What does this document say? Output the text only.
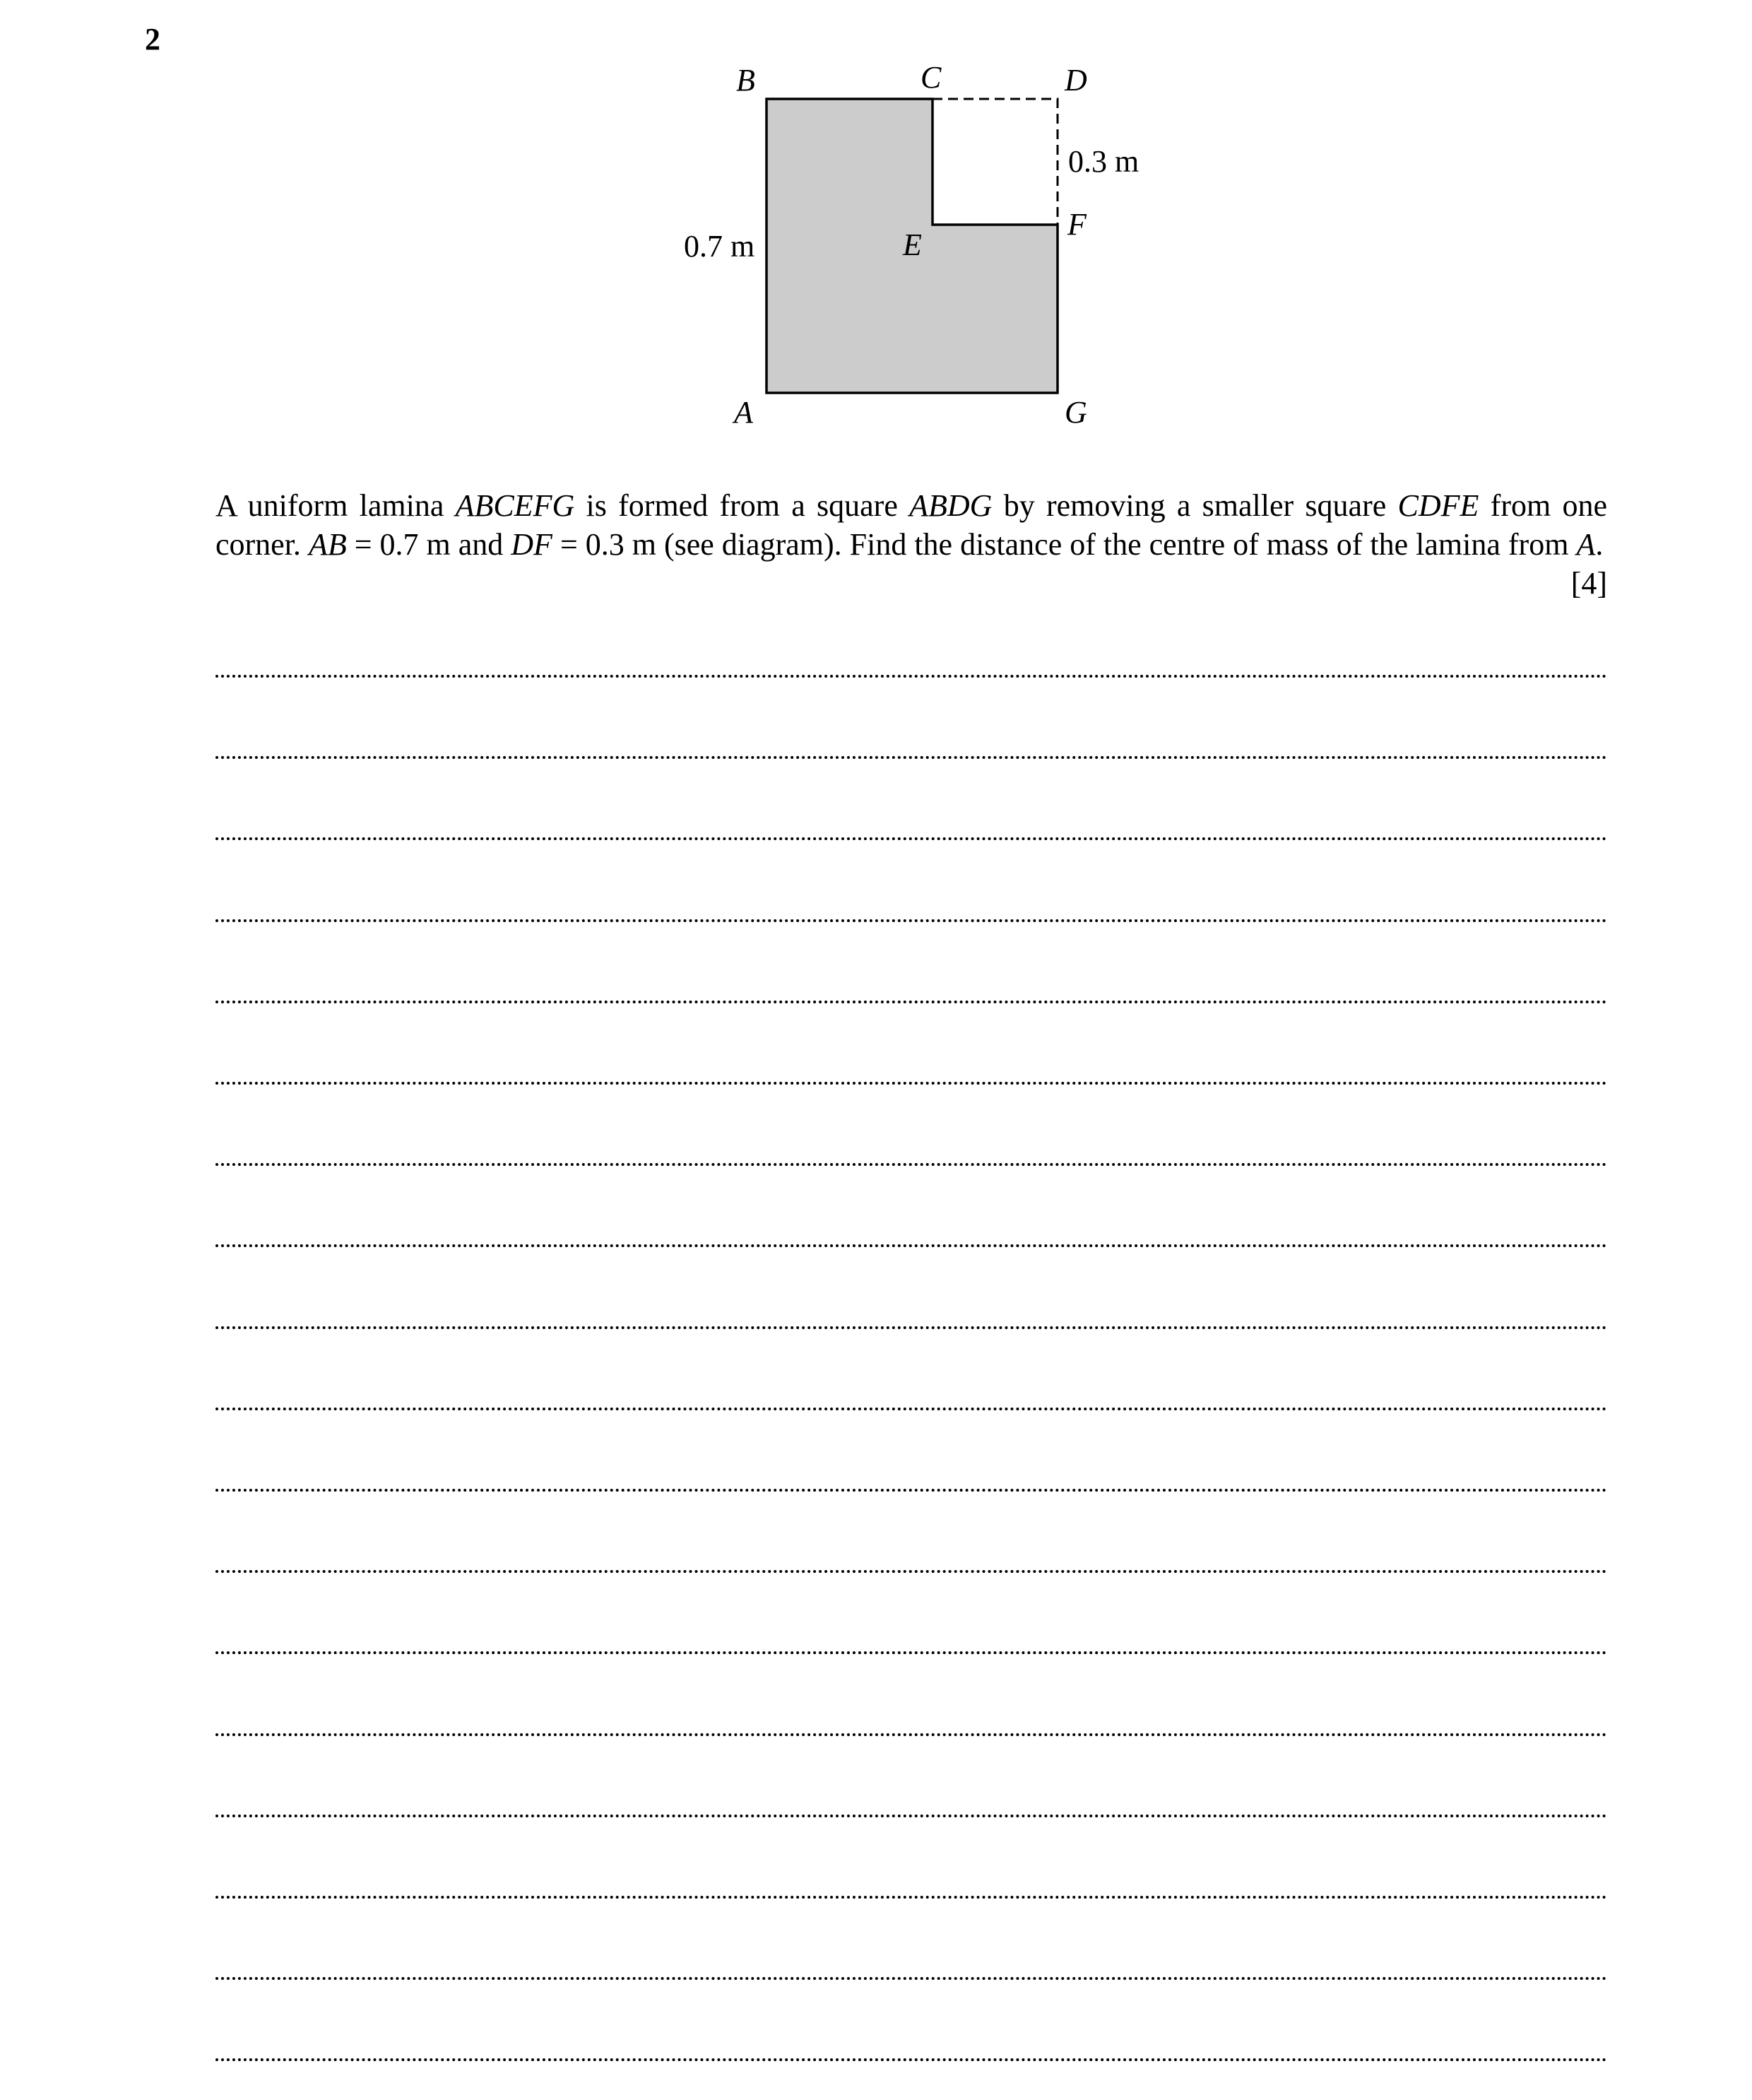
2
B	C	D
0.3 m
F
E
0.7 m
A	G
A uniform lamina ABCEFG is formed from a square ABDG by removing a smaller square CDFE from one corner. AB = 0.7 m and DF = 0.3 m (see diagram). Find the distance of the centre of mass of the lamina from A.
[4]
